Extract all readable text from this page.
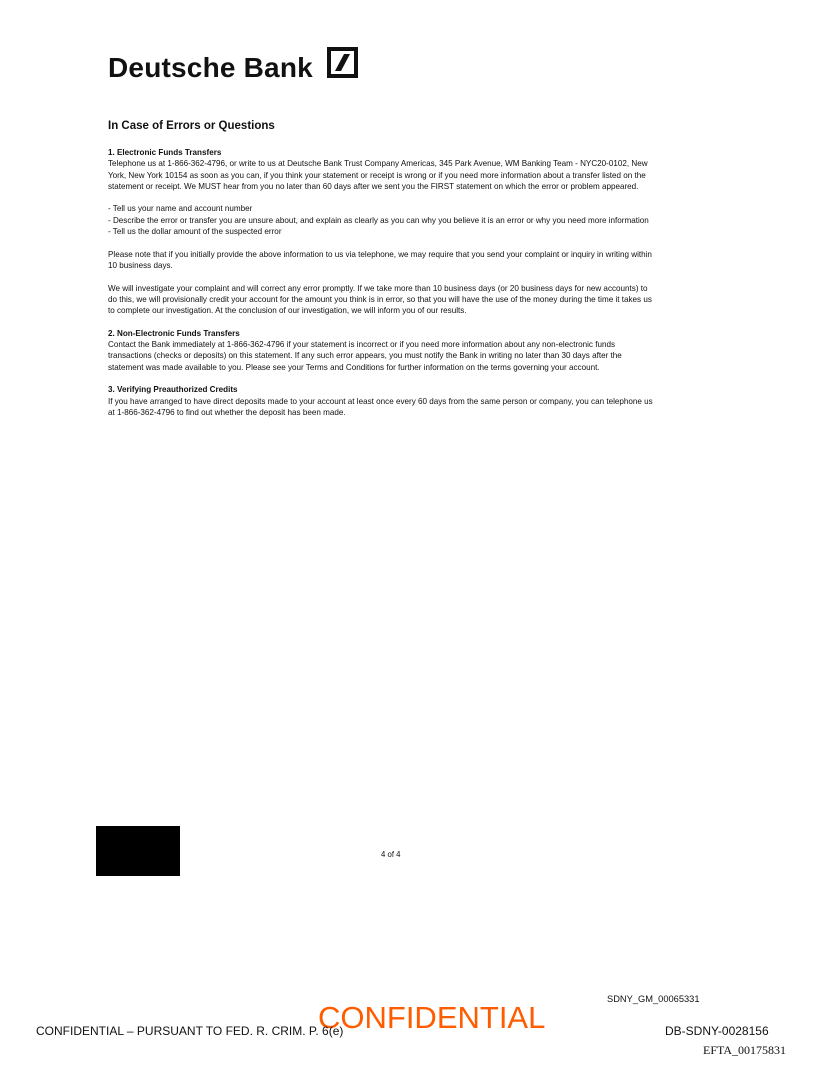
Deutsche Bank
In Case of Errors or Questions

1. Electronic Funds Transfers

Telephone us at 1-866-362-4796, or write to us at Deutsche Bank Trust Company Americas, 345 Park Avenue, WM Banking Team - NYC20-0102, New York, New York 10154 as soon as you can, if you think your statement or receipt is wrong or if you need more information about a transfer listed on the statement or receipt. We MUST hear from you no later than 60 days after we sent you the FIRST statement on which the error or problem appeared.

- Tell us your name and account number

- Describe the error or transfer you are unsure about, and explain as clearly as you can why you believe it is an error or why you need more information

- Tell us the dollar amount of the suspected error

Please note that if you initially provide the above information to us via telephone, we may require that you send your complaint or inquiry in writing within 10 business days.

We will investigate your complaint and will correct any error promptly. If we take more than 10 business days (or 20 business days for new accounts) to do this, we will provisionally credit your account for the amount you think is in error, so that you will have the use of the money during the time it takes us to complete our investigation. At the conclusion of our investigation, we will inform you of our results.

2. Non-Electronic Funds Transfers

Contact the Bank immediately at 1-866-362-4796 if your statement is incorrect or if you need more information about any non-electronic funds transactions (checks or deposits) on this statement. If any such error appears, you must notify the Bank in writing no later than 30 days after the statement was made available to you. Please see your Terms and Conditions for further information on the terms governing your account.

3. Verifying Preauthorized Credits

If you have arranged to have direct deposits made to your account at least once every 60 days from the same person or company, you can telephone us at 1-866-362-4796 to find out whether the deposit has been made.

4 of 4
SDNY_GM_00065331
CONFIDENTIAL
CONFIDENTIAL – PURSUANT TO FED. R. CRIM. P. 6(e)	DB-SDNY-0028156
EFTA_00175831
